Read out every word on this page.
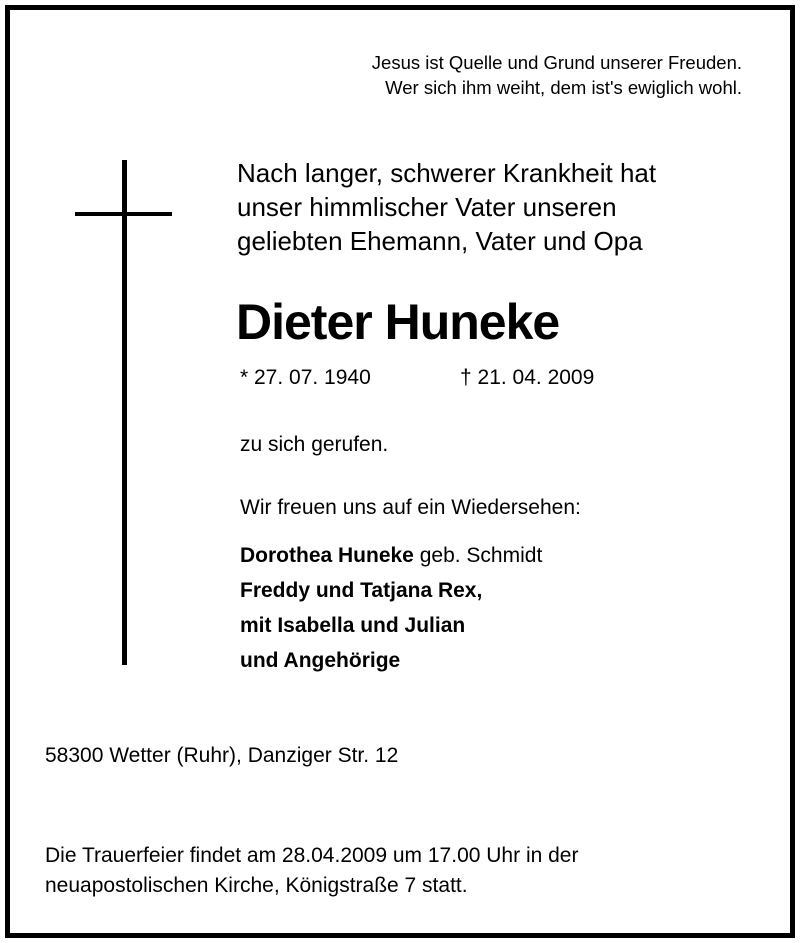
Jesus ist Quelle und Grund unserer Freuden.
Wer sich ihm weiht, dem ist's ewiglich wohl.
Nach langer, schwerer Krankheit hat
unser himmlischer Vater unseren
geliebten Ehemann, Vater und Opa
Dieter Huneke
* 27. 07. 1940	† 21. 04. 2009
zu sich gerufen.
Wir freuen uns auf ein Wiedersehen:
Dorothea Huneke geb. Schmidt
Freddy und Tatjana Rex,
mit Isabella und Julian
und Angehörige
58300 Wetter (Ruhr), Danziger Str. 12
Die Trauerfeier findet am 28.04.2009 um 17.00 Uhr in der
neuapostolischen Kirche, Königstraße 7 statt.
